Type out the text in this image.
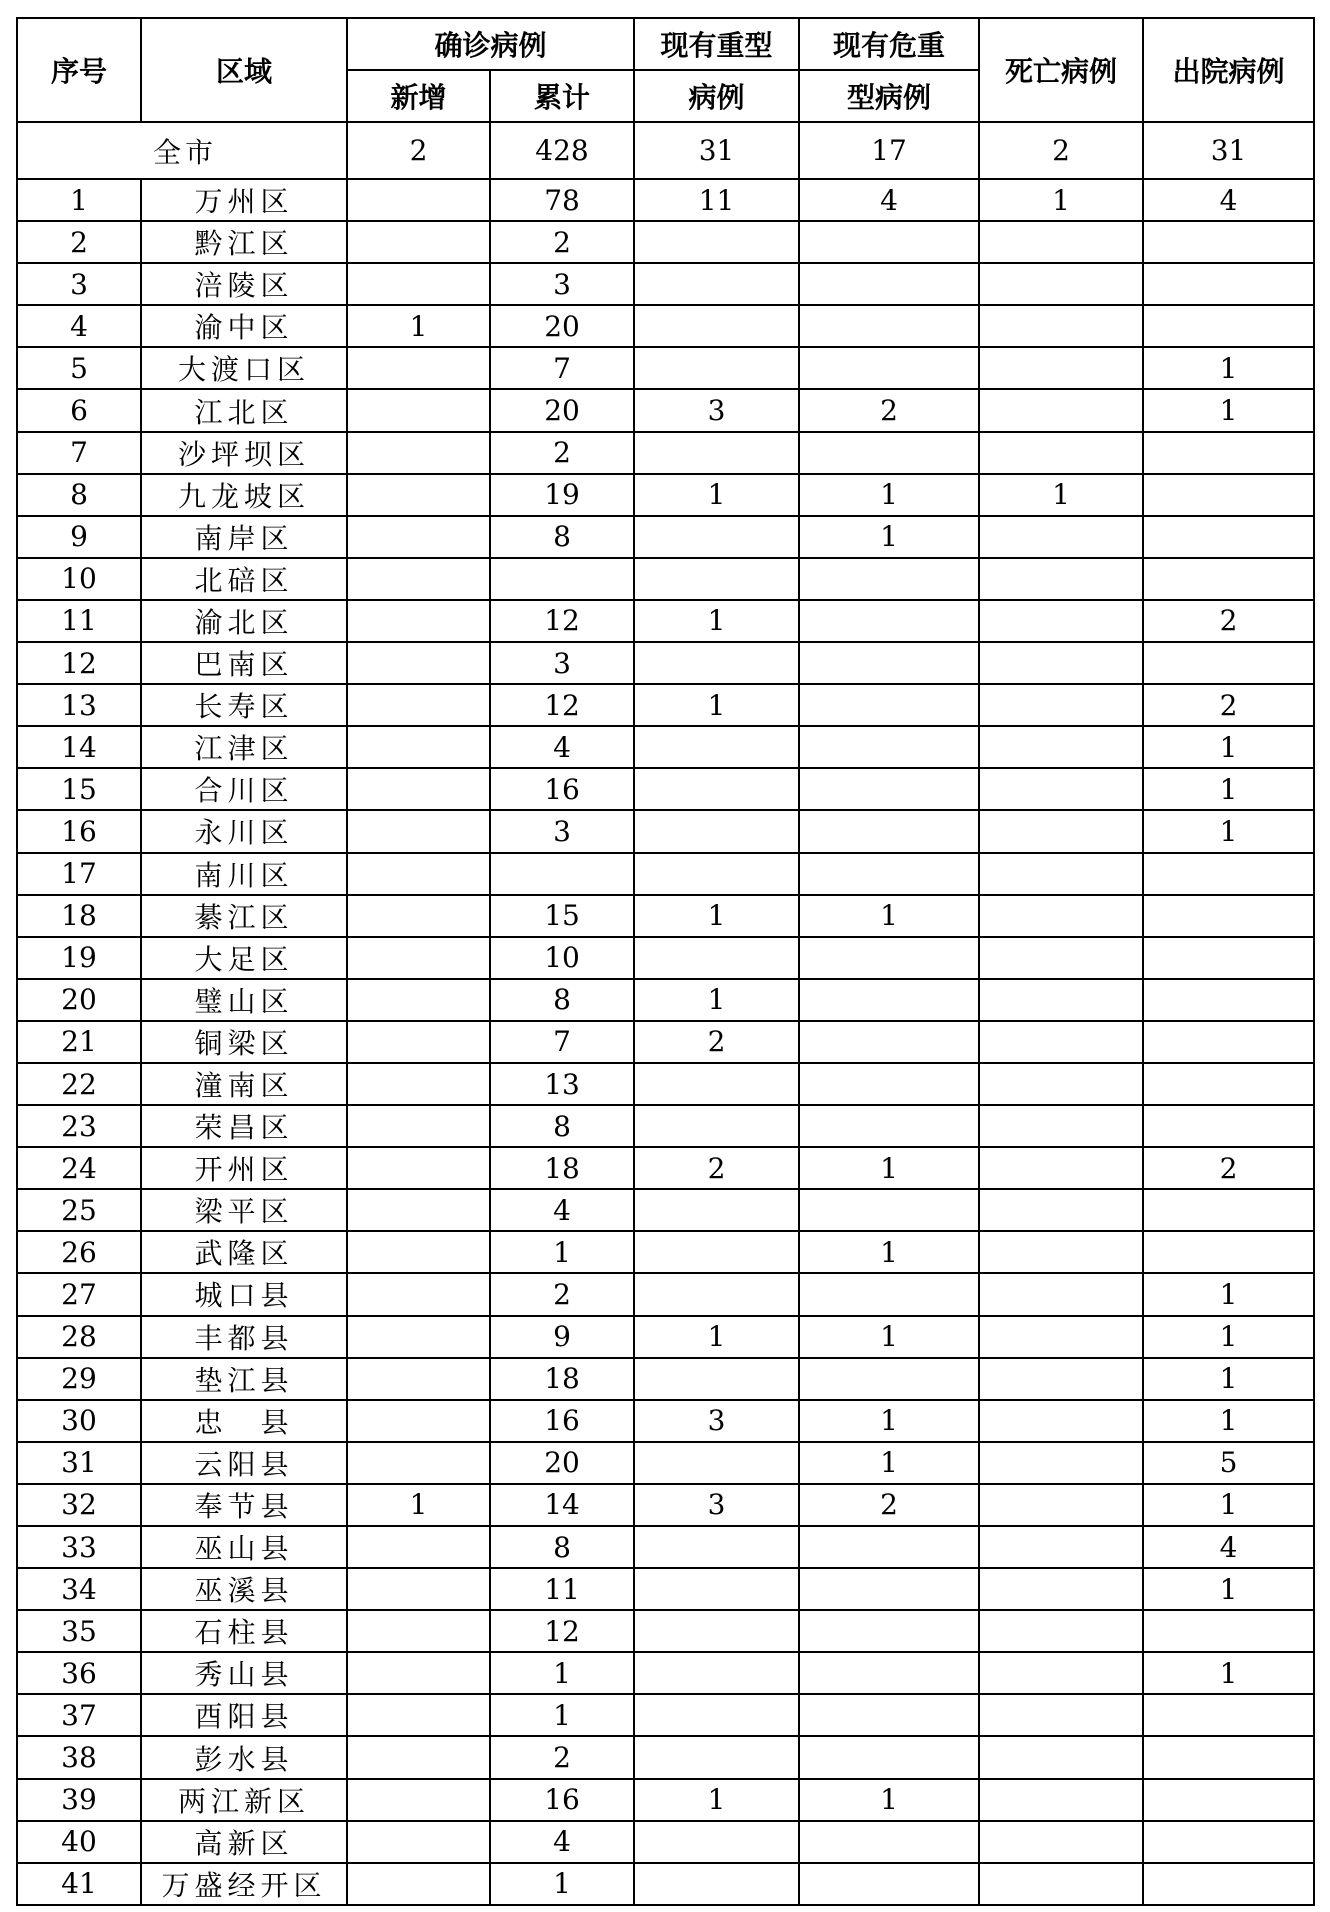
序号	区域	确诊病例		现有重型	现有危重	死亡病例	出院病例
		新增	累计	病例	型病例		
全市		2	428	31	17	2	31
1	万州区		78	11	4	1	4
2	黔江区		2				
3	涪陵区		3				
4	渝中区	1	20				
5	大渡口区		7				1
6	江北区		20	3	2		1
7	沙坪坝区		2				
8	九龙坡区		19	1	1	1	
9	南岸区		8		1		
10	北碚区						
11	渝北区		12	1			2
12	巴南区		3				
13	长寿区		12	1			2
14	江津区		4				1
15	合川区		16				1
16	永川区		3				1
17	南川区						
18	綦江区		15	1	1		
19	大足区		10				
20	璧山区		8	1			
21	铜梁区		7	2			
22	潼南区		13				
23	荣昌区		8				
24	开州区		18	2	1		2
25	梁平区		4				
26	武隆区		1		1		
27	城口县		2				1
28	丰都县		9	1	1		1
29	垫江县		18				1
30	忠　县		16	3	1		1
31	云阳县		20		1		5
32	奉节县	1	14	3	2		1
33	巫山县		8				4
34	巫溪县		11				1
35	石柱县		12				
36	秀山县		1				1
37	酉阳县		1				
38	彭水县		2				
39	两江新区		16	1	1		
40	高新区		4				
41	万盛经开区		1				
